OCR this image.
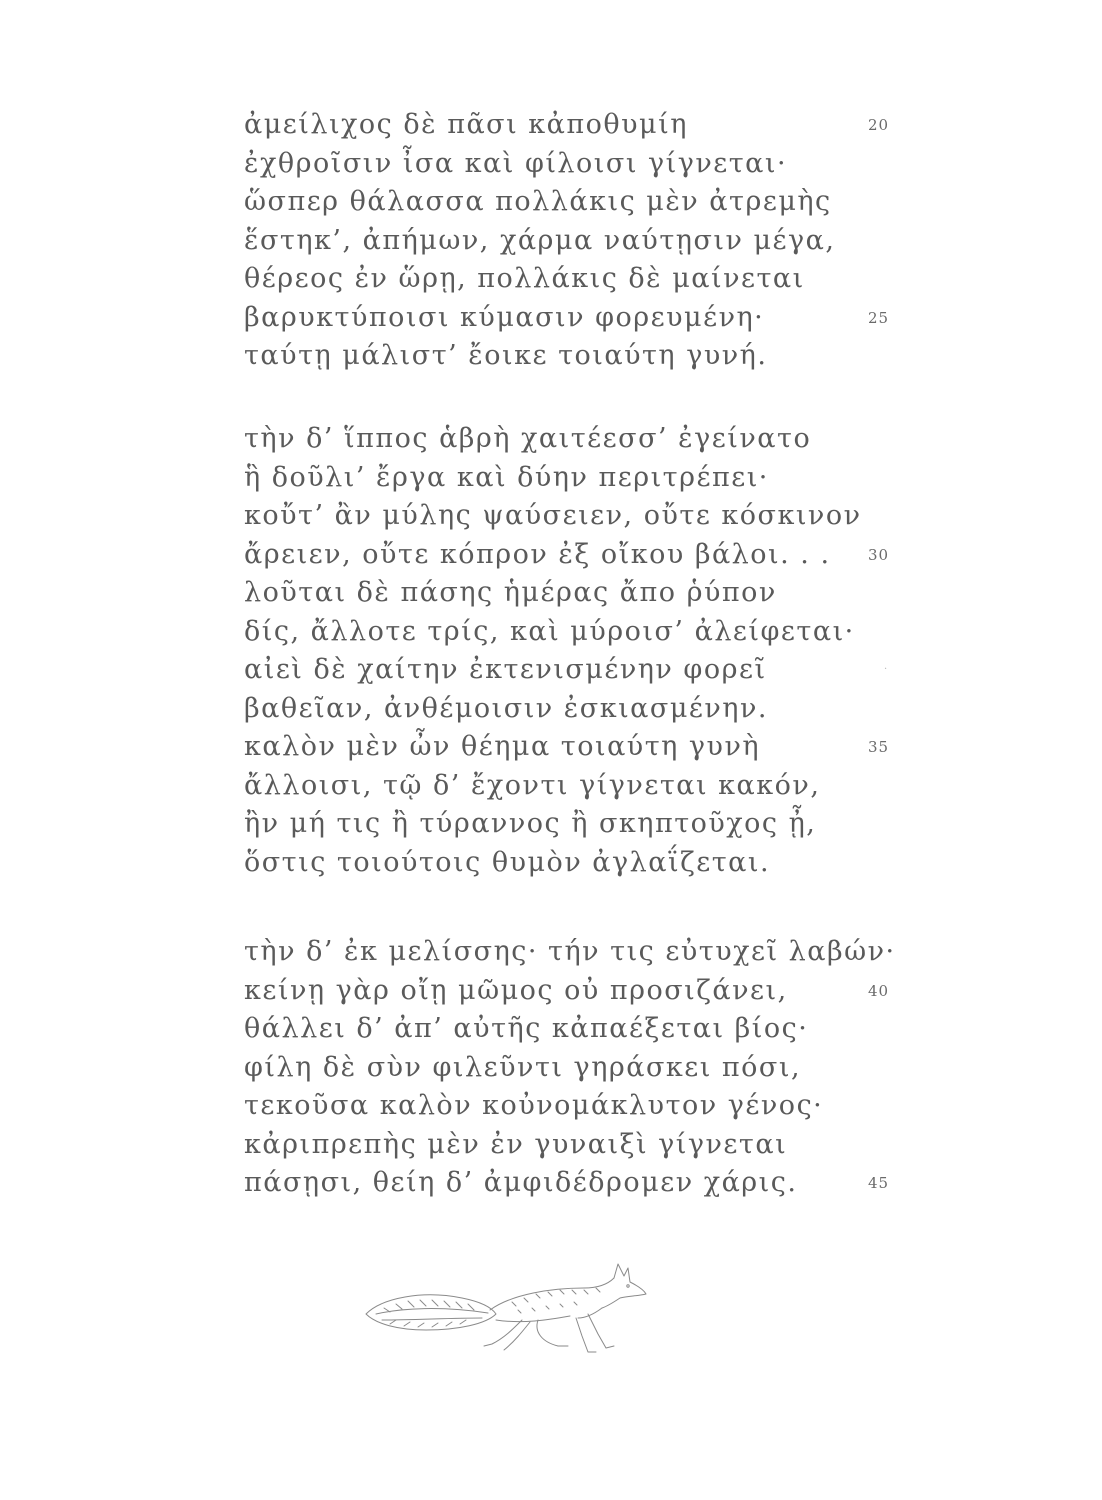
ἀμείλιχος δὲ πᾶσι κἀποθυμίη	20
ἐχθροῖσιν ἶσα καὶ φίλοισι γίγνεται·
ὥσπερ θάλασσα πολλάκις μὲν ἀτρεμὴς
ἕστηκ’, ἀπήμων, χάρμα ναύτῃσιν μέγα,
θέρεος ἐν ὥρῃ, πολλάκις δὲ μαίνεται
βαρυκτύποισι κύμασιν φορευμένη·	25
ταύτῃ μάλιστ’ ἔοικε τοιαύτη γυνή.
τὴν δ’ ἵππος ἁβρὴ χαιτέεσσ’ ἐγείνατο
ἣ δοῦλι’ ἔργα καὶ δύην περιτρέπει·
κοὔτ’ ἂν μύλης ψαύσειεν, οὔτε κόσκινον
ἄρειεν, οὔτε κόπρον ἐξ οἴκου βάλοι. . . 30
λοῦται δὲ πάσης ἡμέρας ἄπο ῥύπον
δίς, ἄλλοτε τρίς, καὶ μύροισ’ ἀλείφεται·
αἰεὶ δὲ χαίτην ἐκτενισμένην φορεῖ	·
βαθεῖαν, ἀνθέμοισιν ἐσκιασμένην.
καλὸν μὲν ὦν θέημα τοιαύτη γυνὴ	35
ἄλλοισι, τῷ δ’ ἔχοντι γίγνεται κακόν,
ἢν μή τις ἢ τύραννος ἢ σκηπτοῦχος ᾖ,
ὅστις τοιούτοις θυμὸν ἀγλαΐζεται.
τὴν δ’ ἐκ μελίσσης· τήν τις εὐτυχεῖ λαβών·
κείνῃ γὰρ οἴῃ μῶμος οὐ προσιζάνει,	40
θάλλει δ’ ἀπ’ αὐτῆς κἀπαέξεται βίος·
φίλη δὲ σὺν φιλεῦντι γηράσκει πόσι,
τεκοῦσα καλὸν κοὐνομάκλυτον γένος·
κἀριπρεπὴς μὲν ἐν γυναιξὶ γίγνεται
πάσῃσι, θείη δ’ ἀμφιδέδρομεν χάρις.	45
